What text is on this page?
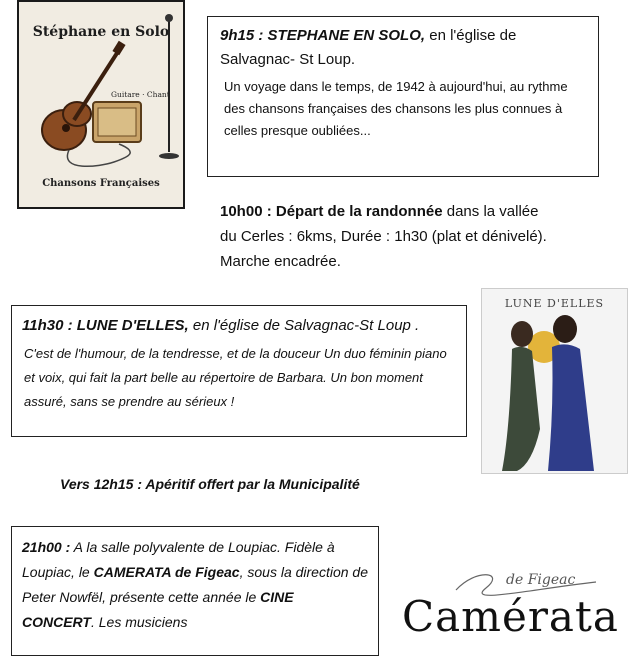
Stéphane en Solo
Guitare · Chant
Chansons Françaises
9h15 : STEPHANE EN SOLO, en l'église de Salvagnac- St Loup.
Un voyage dans le temps, de 1942 à aujourd'hui, au rythme des chansons françaises des chansons les plus connues à celles presque oubliées...
10h00 : Départ de la randonnée dans la vallée du Cerles : 6kms, Durée : 1h30 (plat et dénivelé). Marche encadrée.
11h30 : LUNE D'ELLES, en l'église de Salvagnac-St Loup .
C'est de l'humour, de la tendresse, et de la douceur Un duo féminin piano et voix, qui fait la part belle au répertoire de Barbara. Un bon moment assuré, sans se prendre au sérieux !
LUNE D'ELLES
Vers 12h15 : Apéritif offert par la Municipalité
21h00 : A la salle polyvalente de Loupiac. Fidèle à Loupiac, le CAMERATA de Figeac, sous la direction de Peter Nowfël, présente cette année le CINE CONCERT. Les musiciens
de Figeac
Camérata
